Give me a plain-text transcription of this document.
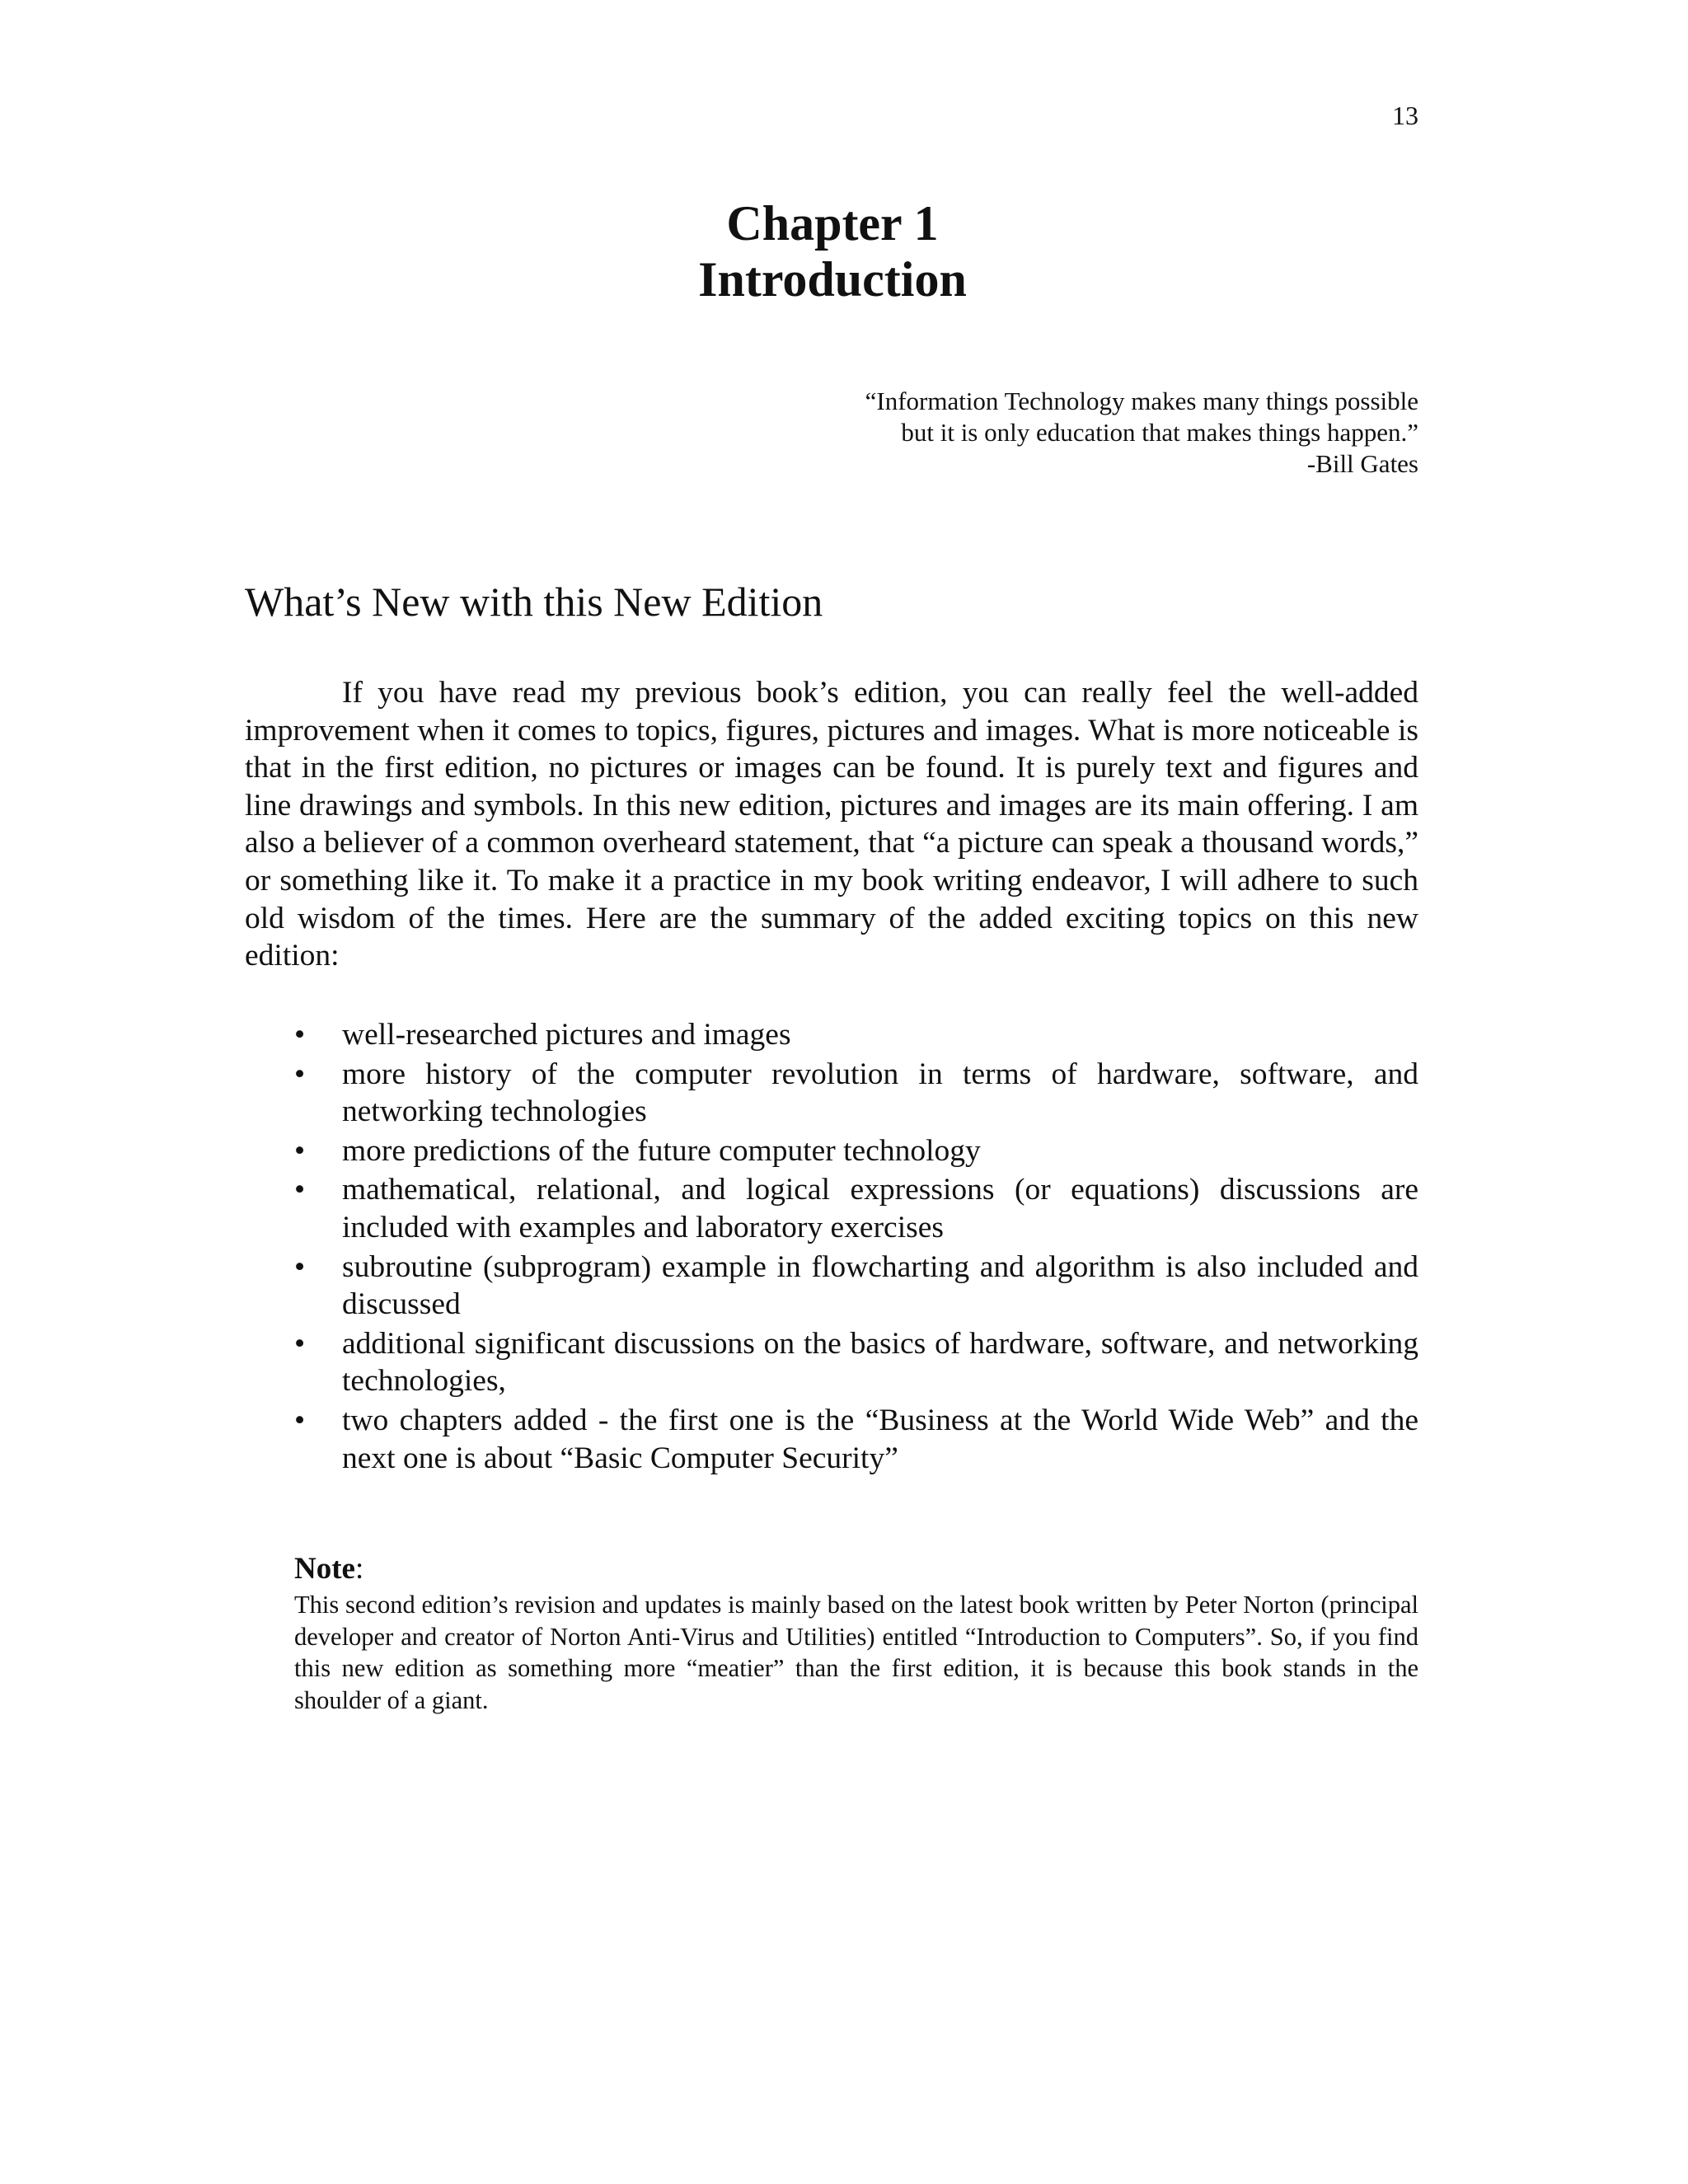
13
Chapter 1
Introduction
“Information Technology makes many things possible
but it is only education that makes things happen.”
-Bill Gates
What’s New with this New Edition

If you have read my previous book’s edition, you can really feel the well-added improvement when it comes to topics, figures, pictures and images. What is more noticeable is that in the first edition, no pictures or images can be found. It is purely text and figures and line drawings and symbols. In this new edition, pictures and images are its main offering. I am also a believer of a common overheard statement, that “a picture can speak a thousand words,” or something like it. To make it a practice in my book writing endeavor, I will adhere to such old wisdom of the times. Here are the summary of the added exciting topics on this new edition:

• well-researched pictures and images
• more history of the computer revolution in terms of hardware, software, and networking technologies
• more predictions of the future computer technology
• mathematical, relational, and logical expressions (or equations) discussions are included with examples and laboratory exercises
• subroutine (subprogram) example in flowcharting and algorithm is also included and discussed
• additional significant discussions on the basics of hardware, software, and networking technologies,
• two chapters added - the first one is the “Business at the World Wide Web” and the next one is about “Basic Computer Security”

Note:

This second edition’s revision and updates is mainly based on the latest book written by Peter Norton (principal developer and creator of Norton Anti-Virus and Utilities) entitled “Introduction to Computers”. So, if you find this new edition as something more “meatier” than the first edition, it is because this book stands in the shoulder of a giant.
